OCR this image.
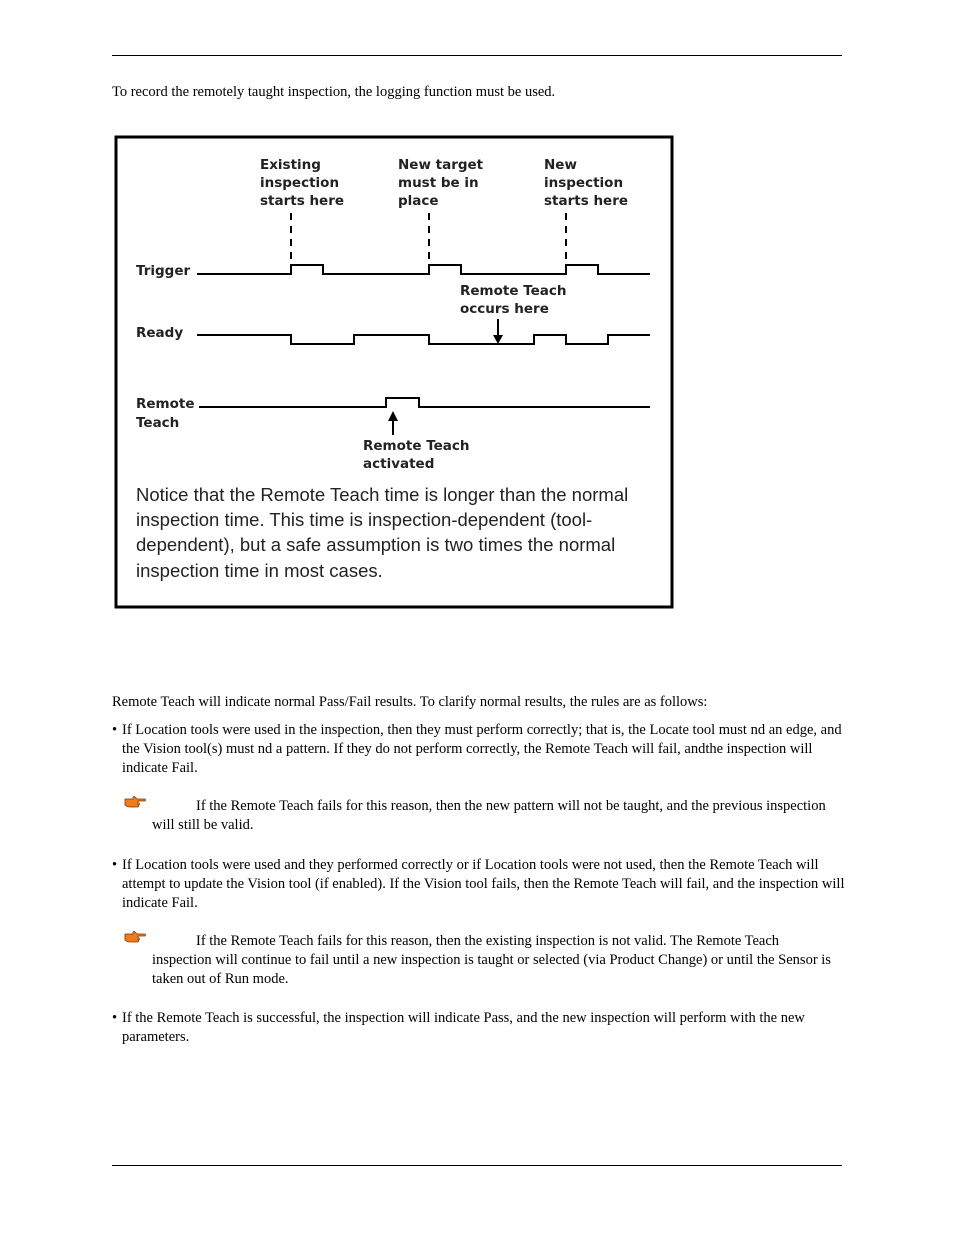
To record the remotely taught inspection, the logging function must be used.
Existing inspection starts here
New target must be in place
New inspection starts here
Trigger
Ready
Remote Teach
Remote Teach occurs here
Remote Teach activated
Notice that the Remote Teach time is longer than the normal inspection time. This time is inspection-dependent (tool- dependent), but a safe assumption is two times the normal inspection time in most cases.
Remote Teach will indicate normal Pass/Fail results. To clarify normal results, the rules are as follows:
• If Location tools were used in the inspection, then they must perform correctly; that is, the Locate tool must nd an edge, and the Vision tool(s) must nd a pattern. If they do not perform correctly, the Remote Teach will fail, andthe inspection will indicate Fail.
If the Remote Teach fails for this reason, then the new pattern will not be taught, and the previous inspection will still be valid.
• If Location tools were used and they performed correctly or if Location tools were not used, then the Remote Teach will attempt to update the Vision tool (if enabled). If the Vision tool fails, then the Remote Teach will fail, and the inspection will indicate Fail.
If the Remote Teach fails for this reason, then the existing inspection is not valid. The Remote Teach inspection will continue to fail until a new inspection is taught or selected (via Product Change) or until the Sensor is taken out of Run mode.
• If the Remote Teach is successful, the inspection will indicate Pass, and the new inspection will perform with the new parameters.
